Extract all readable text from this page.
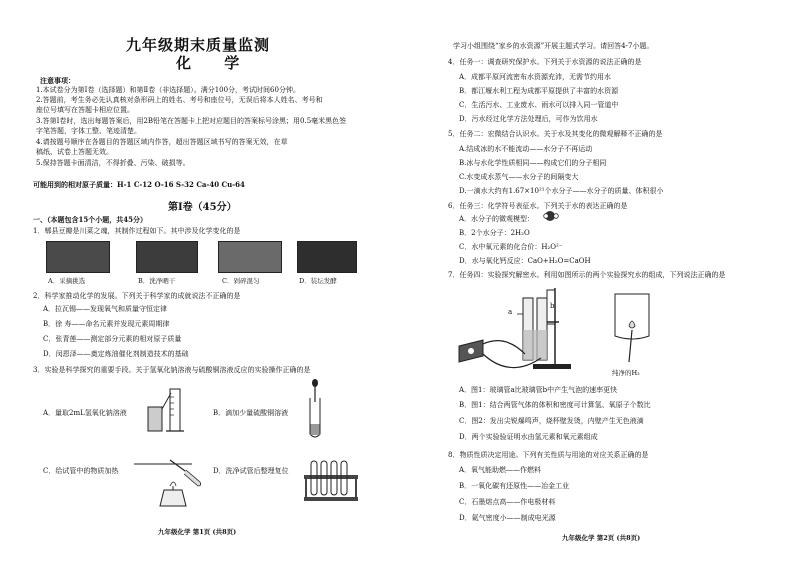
九年级期末质量监测
化 学
注意事项：
1.本试卷分为第Ⅰ卷（选择题）和第Ⅱ卷（非选择题）。满分100分，考试时间60分钟。
2.答题前，考生务必先认真核对条形码上的姓名、考号和座位号，无误后将本人姓名、考号和
座位号填写在答题卡相应位置。
3.答第Ⅰ卷时，选出每题答案后，用2B铅笔在答题卡上把对应题目的答案标号涂黑；用0.5毫米黑色签
字笔答题，字体工整、笔迹清楚。
4.请按题号顺序在各题目的答题区域内作答，超出答题区域书写的答案无效，在草
稿纸、试卷上答题无效。
5.保持答题卡面清洁，不得折叠、污染、破损等。
可能用到的相对原子质量：H-1 C-12 O-16 S-32 Ca-40 Cu-64
第Ⅰ卷（45分）
一、（本题包含15个小题，共45分）
1．郫县豆瓣是川菜之魂，其制作过程如下。其中涉及化学变化的是
A．采摘挑选	B．洗净晒干	C．剁碎混匀	D．装坛发酵
2．科学家推动化学的发展。下列关于科学家的成就说法不正确的是
A．拉瓦锡——发现氧气和质量守恒定律
B．徐 寿——命名元素并发现元素周期律
C．张青莲——测定部分元素的相对原子质量
D．闵恩泽——奠定炼油催化剂制造技术的基础
3．实验是科学探究的重要手段。关于氢氧化钠溶液与硫酸铜溶液反应的实验操作正确的是
A．量取2mL氢氧化钠溶液	B．滴加少量硫酸铜溶液
C．给试管中的物质加热	D．洗净试管后整理复位
九年级化学 第1页 (共8页)
学习小组围绕“家乡的水资源”开展主题式学习。请回答4-7小题。
4．任务一：调查研究保护水。下列关于水资源的说法正确的是
A．成都平原河流密布水资源充沛，无需节约用水
B．都江堰水利工程为成都平原提供了丰富的水资源
C．生活污水、工业废水、雨水可以排入同一管道中
D．污水经过化学方法处理后，可作为饮用水
5．任务二：宏微结合认识水。关于水及其变化的微观解释不正确的是
A.结成冰的水不能流动——水分子不再运动
B.冰与水化学性质相同——构成它们的分子相同
C.水变成水蒸气——水分子的间隔变大
D.一滴水大约有1.67×10²¹个水分子——水分子的质量、体积很小
6．任务三：化学符号表征水。下列关于水的表达正确的是
A．水分子的微观模型：
B．2个水分子：2H₂O
C．水中氧元素的化合价：H₂O²⁻
D．水与氧化钙反应：CaO+H₂O=CaOH
7．任务四：实验探究解密水。利用如图所示的两个实验探究水的组成，下列说法正确的是
a
b
纯净的H₂
A．图1：玻璃管a比玻璃管b中产生气泡的速率更快
B．图1：结合两管气体的体积和密度可计算氢、氧原子个数比
C．图2：发出尖锐爆鸣声，烧杯壁发烫，内壁产生无色液滴
D．两个实验验证明水由氢元素和氧元素组成
8．物质性质决定用途。下列有关性质与用途的对应关系正确的是
A．氧气能助燃——作燃料
B．一氧化碳有还原性——冶金工业
C．石墨熔点高——作电极材料
D．氦气密度小——制成电光源
九年级化学 第2页 (共8页)
